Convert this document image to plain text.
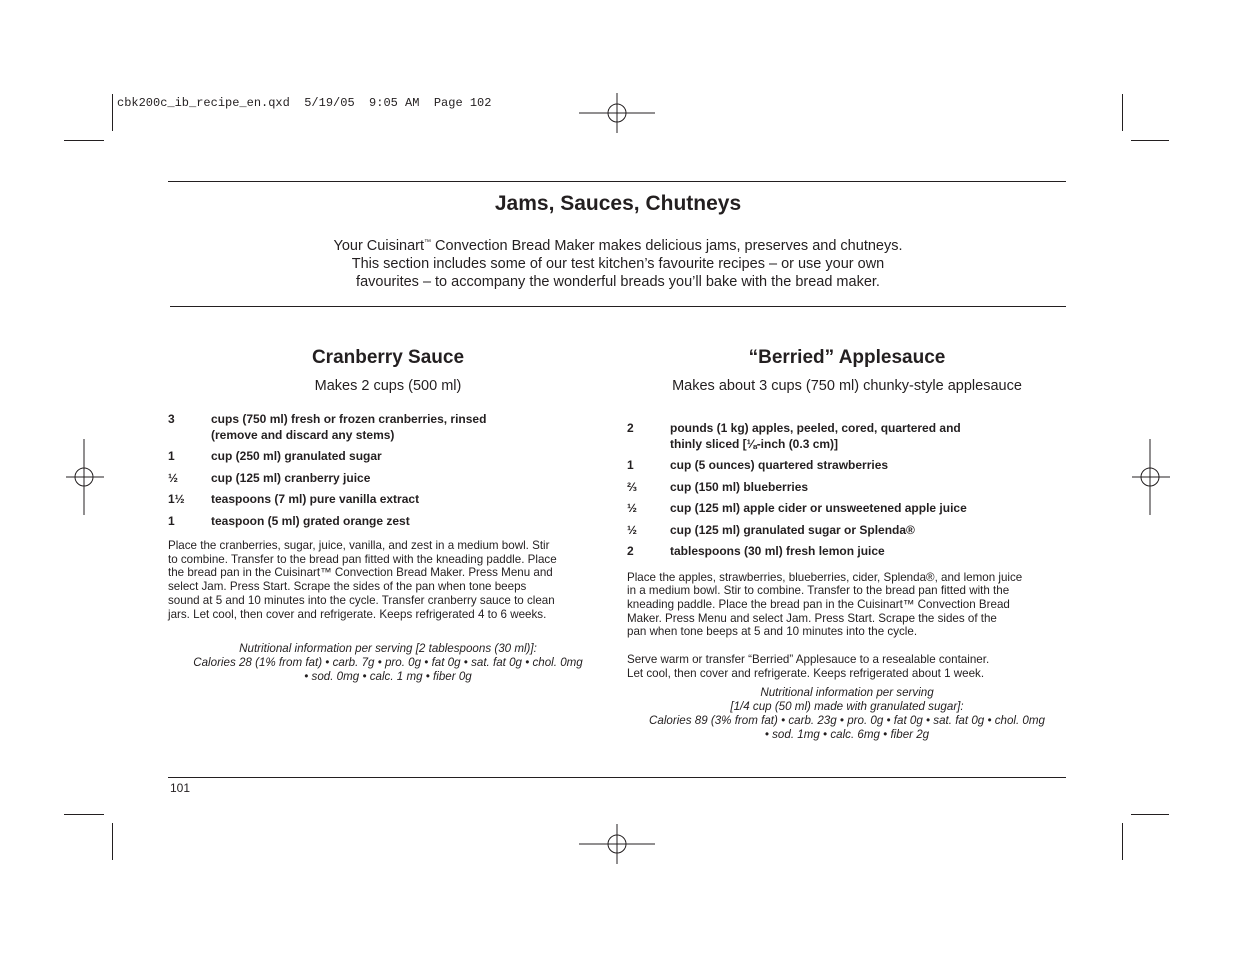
cbk200c_ib_recipe_en.qxd  5/19/05  9:05 AM  Page 102
Jams, Sauces, Chutneys
Your Cuisinart™ Convection Bread Maker makes delicious jams, preserves and chutneys.
This section includes some of our test kitchen’s favourite recipes – or use your own
favourites – to accompany the wonderful breads you’ll bake with the bread maker.
Cranberry Sauce
Makes 2 cups (500 ml)
3	cups (750 ml) fresh or frozen cranberries, rinsed
(remove and discard any stems)
1	cup (250 ml) granulated sugar
½	cup (125 ml) cranberry juice
1½ teaspoons (7 ml) pure vanilla extract
1	teaspoon (5 ml) grated orange zest
Place the cranberries, sugar, juice, vanilla, and zest in a medium bowl. Stir
to combine. Transfer to the bread pan fitted with the kneading paddle. Place
the bread pan in the Cuisinart™ Convection Bread Maker. Press Menu and
select Jam. Press Start. Scrape the sides of the pan when tone beeps
sound at 5 and 10 minutes into the cycle. Transfer cranberry sauce to clean
jars. Let cool, then cover and refrigerate. Keeps refrigerated 4 to 6 weeks.
Nutritional information per serving [2 tablespoons (30 ml)]:
Calories 28 (1% from fat) • carb. 7g • pro. 0g • fat 0g • sat. fat 0g • chol. 0mg
• sod. 0mg • calc. 1 mg • fiber 0g
“Berried” Applesauce
Makes about 3 cups (750 ml) chunky-style applesauce
2	pounds (1 kg) apples, peeled, cored, quartered and
thinly sliced [⅛-inch (0.3 cm)]
1	cup (5 ounces) quartered strawberries
⅔	cup (150 ml) blueberries
½	cup (125 ml) apple cider or unsweetened apple juice
½	cup (125 ml) granulated sugar or Splenda®
2	tablespoons (30 ml) fresh lemon juice
Place the apples, strawberries, blueberries, cider, Splenda®, and lemon juice
in a medium bowl. Stir to combine. Transfer to the bread pan fitted with the
kneading paddle. Place the bread pan in the Cuisinart™ Convection Bread
Maker. Press Menu and select Jam. Press Start. Scrape the sides of the
pan when tone beeps at 5 and 10 minutes into the cycle.
Serve warm or transfer “Berried” Applesauce to a resealable container.
Let cool, then cover and refrigerate. Keeps refrigerated about 1 week.
Nutritional information per serving
[1/4 cup (50 ml) made with granulated sugar]:
Calories 89 (3% from fat) • carb. 23g • pro. 0g • fat 0g • sat. fat 0g • chol. 0mg
• sod. 1mg • calc. 6mg • fiber 2g
101
